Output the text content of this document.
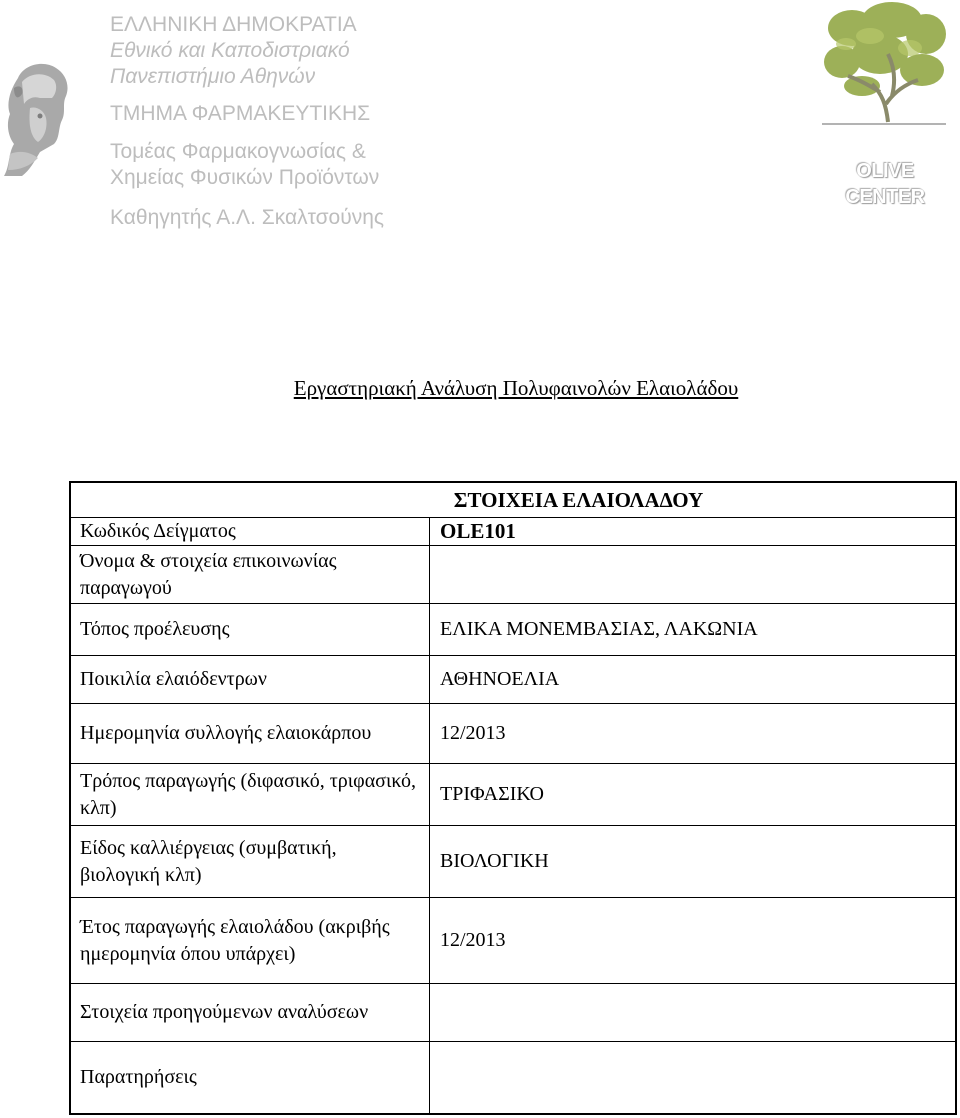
ΕΛΛΗΝΙΚΗ ΔΗΜΟΚΡΑΤΙΑ
Εθνικό και Καποδιστριακό
Πανεπιστήμιο Αθηνών
ΤΜΗΜΑ ΦΑΡΜΑΚΕΥΤΙΚΗΣ
Τομέας Φαρμακογνωσίας &
Χημείας Φυσικών Προϊόντων
Καθηγητής Α.Λ. Σκαλτσούνης
OLIVE
CENTER
Εργαστηριακή Ανάλυση Πολυφαινολών Ελαιολάδου
ΣΤΟΙΧΕΙΑ ΕΛΑΙΟΛΑΔΟΥ	
Κωδικός Δείγματος	OLE101
Όνομα & στοιχεία επικοινωνίας παραγωγού	
Τόπος προέλευσης	ΕΛΙΚΑ ΜΟΝΕΜΒΑΣΙΑΣ, ΛΑΚΩΝΙΑ
Ποικιλία ελαιόδεντρων	ΑΘΗΝΟΕΛΙΑ
Ημερομηνία συλλογής ελαιοκάρπου	12/2013
Τρόπος παραγωγής (διφασικό, τριφασικό, κλπ)	ΤΡΙΦΑΣΙΚΟ
Είδος καλλιέργειας (συμβατική, βιολογική κλπ)	ΒΙΟΛΟΓΙΚΗ
Έτος παραγωγής ελαιολάδου (ακριβής ημερομηνία όπου υπάρχει)	12/2013
Στοιχεία προηγούμενων αναλύσεων	
Παρατηρήσεις	
